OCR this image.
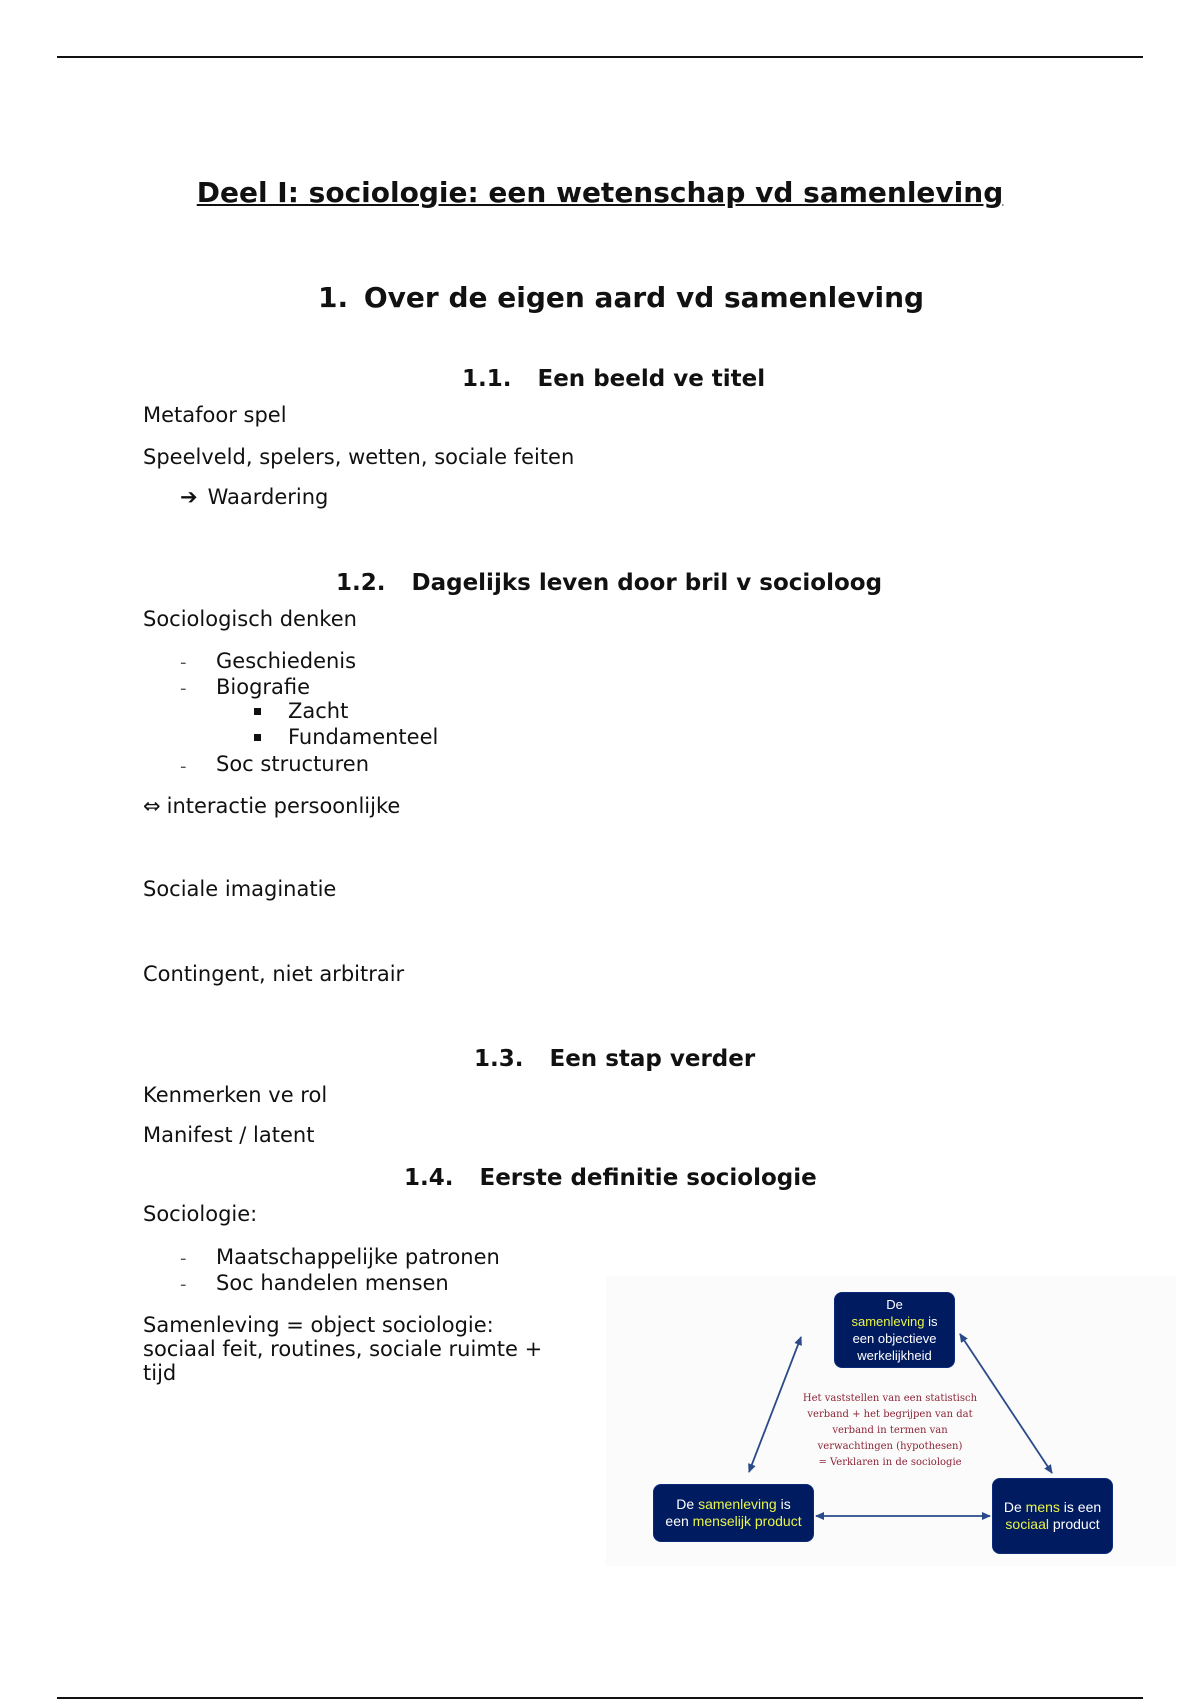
Deel I: sociologie: een wetenschap vd samenleving
1. Over de eigen aard vd samenleving
1.1. Een beeld ve titel
Metafoor spel
Speelveld, spelers, wetten, sociale feiten
➔ Waardering
1.2. Dagelijks leven door bril v socioloog
Sociologisch denken
- Geschiedenis
- Biografie
Zacht
Fundamenteel
- Soc structuren
⇔ interactie persoonlijke
Sociale imaginatie
Contingent, niet arbitrair
1.3. Een stap verder
Kenmerken ve rol
Manifest / latent
1.4. Eerste definitie sociologie
Sociologie:
- Maatschappelijke patronen
- Soc handelen mensen
Samenleving = object sociologie:
sociaal feit, routines, sociale ruimte +
tijd
De
samenleving is
een objectieve
werkelijkheid
De samenleving is
een menselijk product
De mens is een
sociaal product
Het vaststellen van een statistisch
verband + het begrijpen van dat
verband in termen van
verwachtingen (hypothesen)
= Verklaren in de sociologie
